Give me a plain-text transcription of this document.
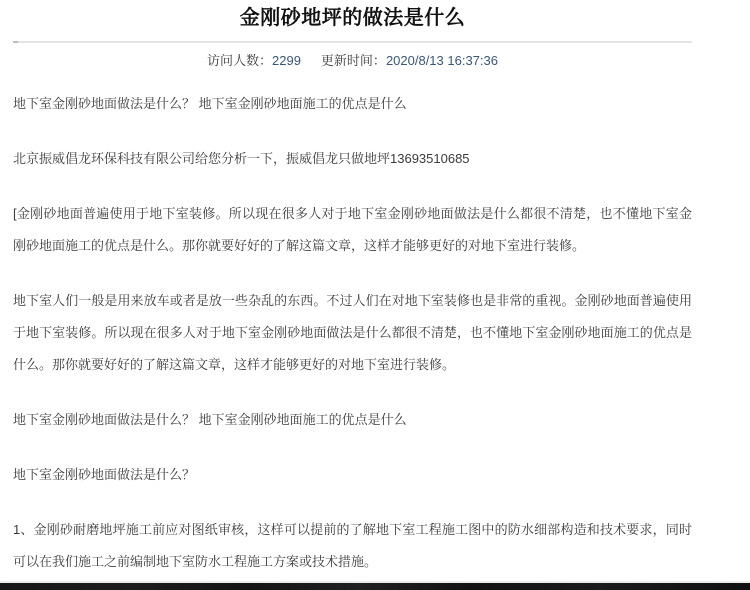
金刚砂地坪的做法是什么
访问人数：2299 更新时间：2020/8/13 16:37:36

地下室金刚砂地面做法是什么？ 地下室金刚砂地面施工的优点是什么

北京振威倡龙环保科技有限公司给您分析一下，振威倡龙只做地坪13693510685

[金刚砂地面普遍使用于地下室装修。所以现在很多人对于地下室金刚砂地面做法是什么都很不清楚，也不懂地下室金刚砂地面施工的优点是什么。那你就要好好的了解这篇文章，这样才能够更好的对地下室进行装修。

地下室人们一般是用来放车或者是放一些杂乱的东西。不过人们在对地下室装修也是非常的重视。金刚砂地面普遍使用于地下室装修。所以现在很多人对于地下室金刚砂地面做法是什么都很不清楚，也不懂地下室金刚砂地面施工的优点是什么。那你就要好好的了解这篇文章，这样才能够更好的对地下室进行装修。

地下室金刚砂地面做法是什么？ 地下室金刚砂地面施工的优点是什么

地下室金刚砂地面做法是什么？

1、金刚砂耐磨地坪施工前应对图纸审核，这样可以提前的了解地下室工程施工图中的防水细部构造和技术要求，同时可以在我们施工之前编制地下室防水工程施工方案或技术措施。
